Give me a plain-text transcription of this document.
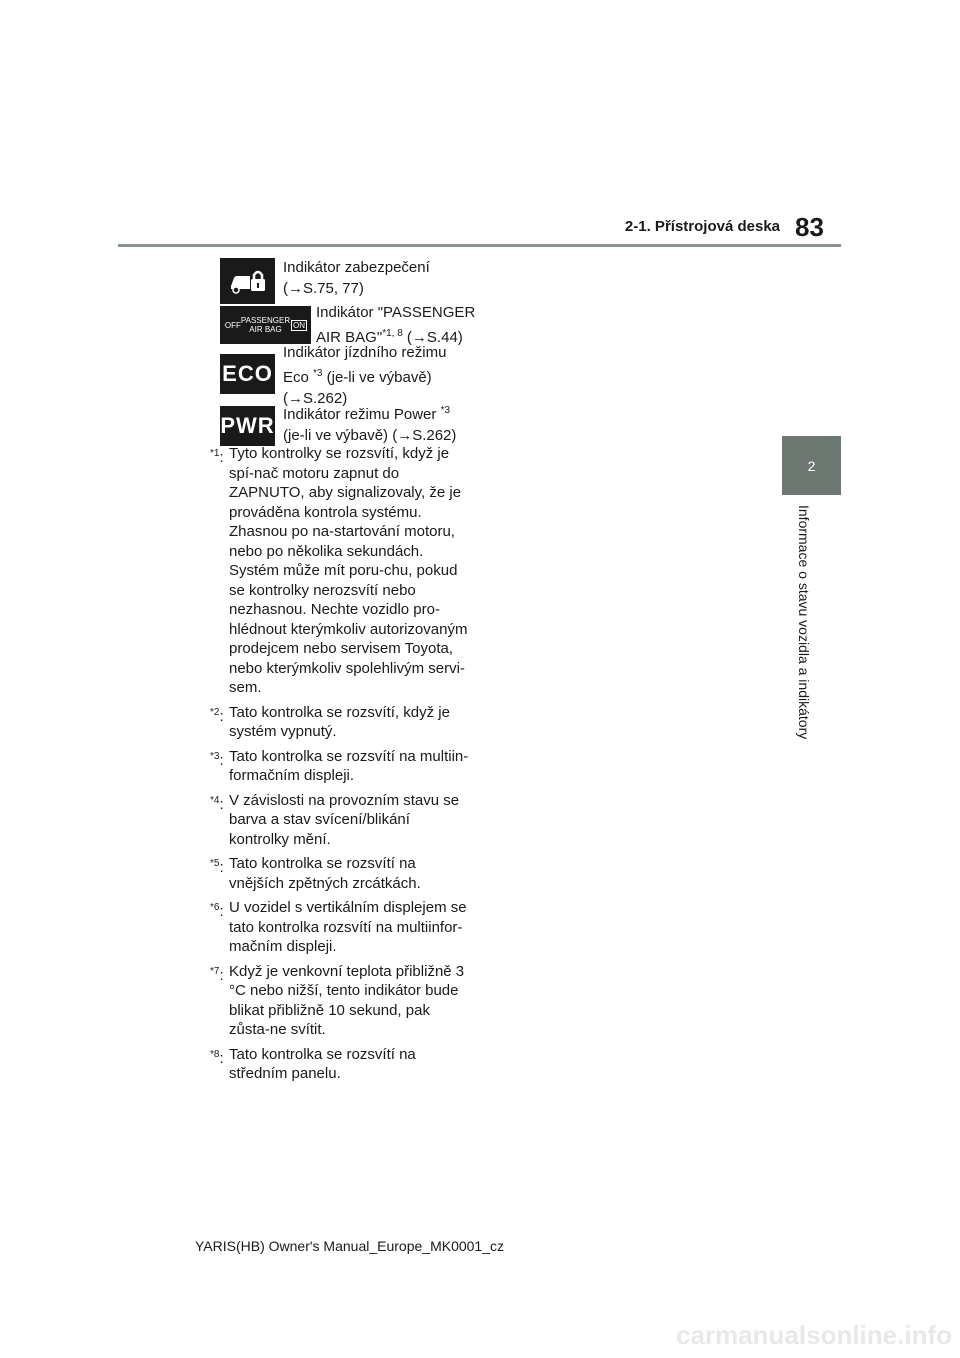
2-1. Přístrojová deska 83
2
Informace o stavu vozidla a indikátory
Indikátor zabezpečení
(→S.75, 77)
OFF PASSENGER
AIR BAG	ON
Indikátor "PASSENGER
AIR BAG"$^{*1, 8}$ (→S.44)
ECO
Indikátor jízdního režimu
Eco $^{*3}$ (je-li ve výbavě)
(→S.262)
PWR Indikátor režimu Power $^{*3}$
(je-li ve výbavě) (→S.262)
$^{*1}$: Tyto kontrolky se rozsvítí, když je spí-nač motoru zapnut do ZAPNUTO, aby signalizovaly, že je prováděna kontrola systému. Zhasnou po na-startování motoru, nebo po několika sekundách. Systém může mít poru-chu, pokud se kontrolky nerozsvítí nebo nezhasnou. Nechte vozidlo pro-hlédnout kterýmkoliv autorizovaným prodejcem nebo servisem Toyota, nebo kterýmkoliv spolehlivým servi-sem.
$^{*2}$: Tato kontrolka se rozsvítí, když je systém vypnutý.
$^{*3}$: Tato kontrolka se rozsvítí na multiin-formačním displeji.
$^{*4}$: V závislosti na provozním stavu se barva a stav svícení/blikání kontrolky mění.
$^{*5}$: Tato kontrolka se rozsvítí na vnějších zpětných zrcátkách.
$^{*6}$: U vozidel s vertikálním displejem se tato kontrolka rozsvítí na multiinfor-mačním displeji.
$^{*7}$: Když je venkovní teplota přibližně 3 °C nebo nižší, tento indikátor bude blikat přibližně 10 sekund, pak zůsta-ne svítit.
$^{*8}$: Tato kontrolka se rozsvítí na středním panelu.
YARIS(HB) Owner's Manual_Europe_MK0001_cz
carmanualsonline.info
